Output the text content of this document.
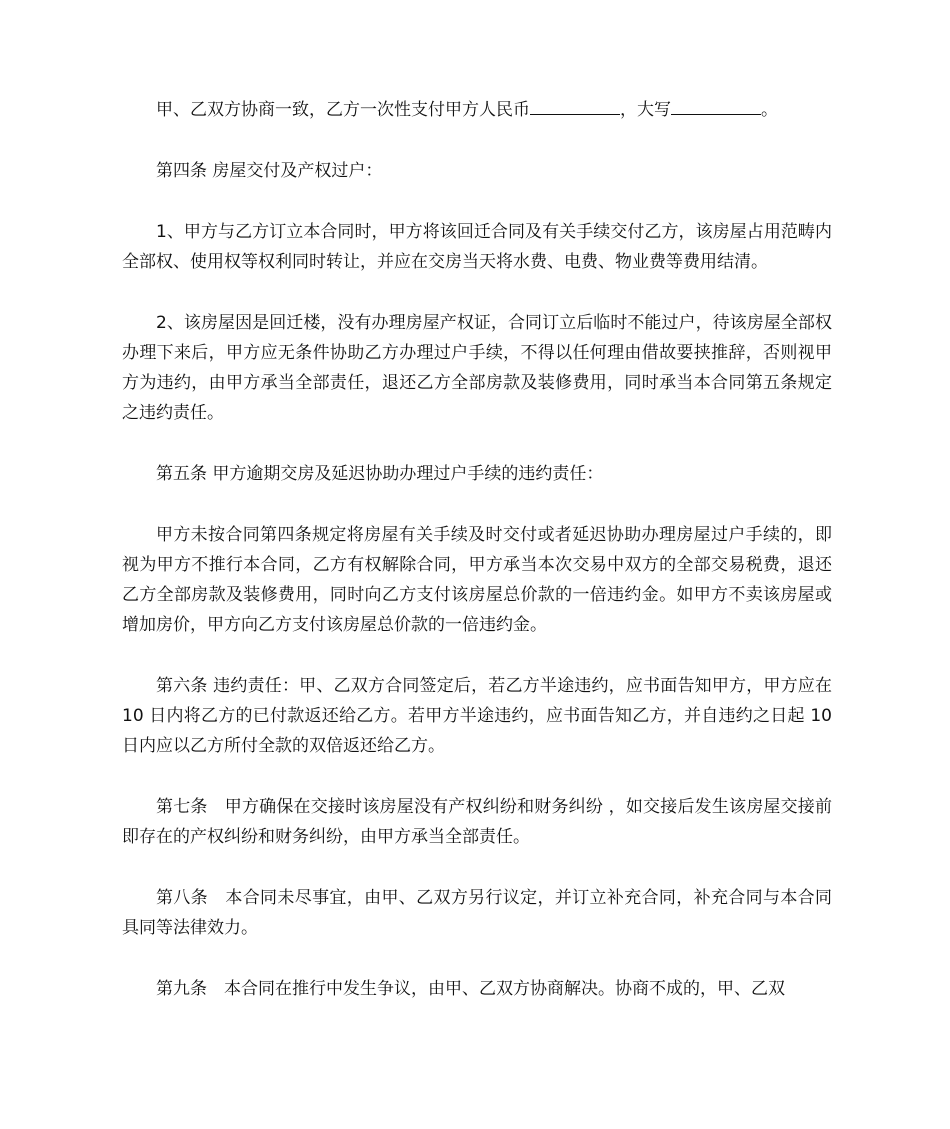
甲、乙双方协商一致，乙方一次性支付甲方人民币	，大写	。

第四条 房屋交付及产权过户：

1、甲方与乙方订立本合同时，甲方将该回迁合同及有关手续交付乙方，该房屋占用范畴内全部权、使用权等权利同时转让，并应在交房当天将水费、电费、物业费等费用结清。

2、该房屋因是回迁楼，没有办理房屋产权证，合同订立后临时不能过户，待该房屋全部权办理下来后，甲方应无条件协助乙方办理过户手续，不得以任何理由借故要挟推辞，否则视甲方为违约，由甲方承当全部责任，退还乙方全部房款及装修费用，同时承当本合同第五条规定之违约责任。

第五条 甲方逾期交房及延迟协助办理过户手续的违约责任：

甲方未按合同第四条规定将房屋有关手续及时交付或者延迟协助办理房屋过户手续的，即视为甲方不推行本合同，乙方有权解除合同，甲方承当本次交易中双方的全部交易税费，退还乙方全部房款及装修费用，同时向乙方支付该房屋总价款的一倍违约金。如甲方不卖该房屋或增加房价，甲方向乙方支付该房屋总价款的一倍违约金。

第六条 违约责任：甲、乙双方合同签定后，若乙方半途违约，应书面告知甲方，甲方应在 10 日内将乙方的已付款返还给乙方。若甲方半途违约，应书面告知乙方，并自违约之日起 10 日内应以乙方所付全款的双倍返还给乙方。

第七条　甲方确保在交接时该房屋没有产权纠纷和财务纠纷 ，如交接后发生该房屋交接前即存在的产权纠纷和财务纠纷，由甲方承当全部责任。

第八条　本合同未尽事宜，由甲、乙双方另行议定，并订立补充合同，补充合同与本合同具同等法律效力。

第九条　本合同在推行中发生争议，由甲、乙双方协商解决。协商不成的，甲、乙双
